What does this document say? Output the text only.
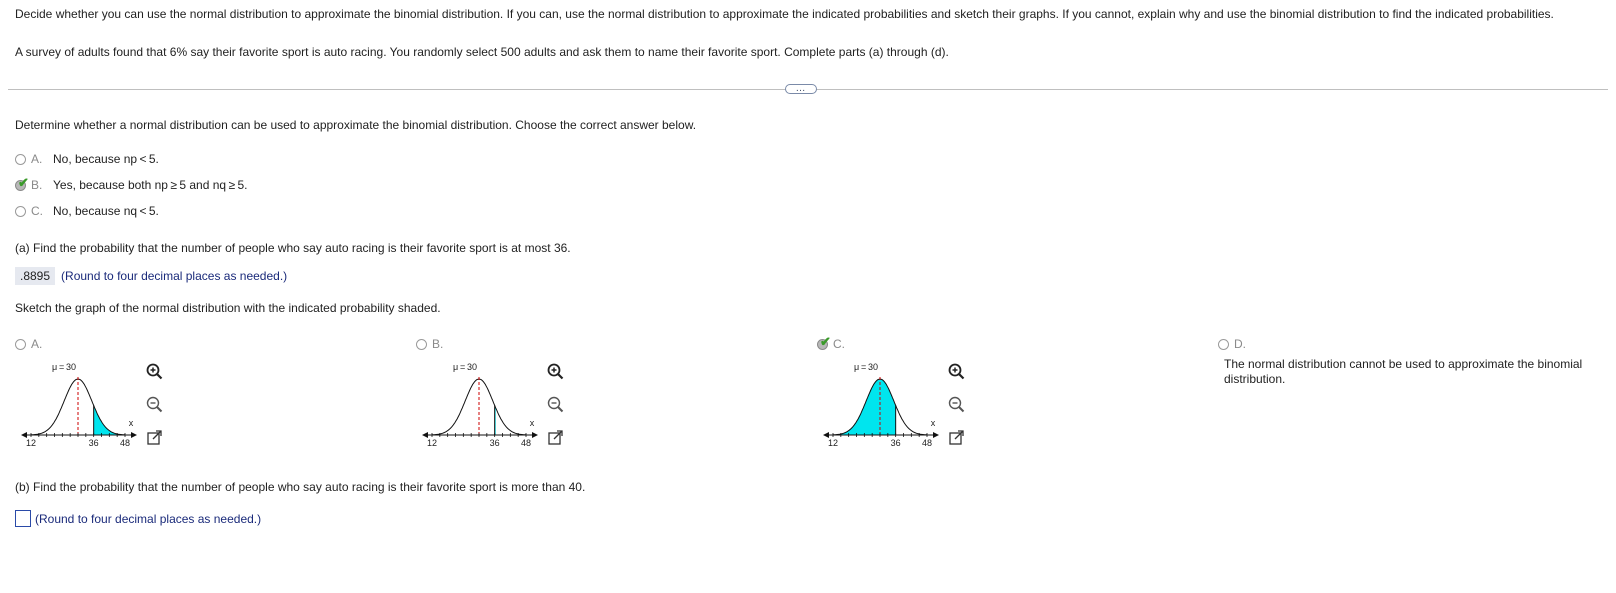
Decide whether you can use the normal distribution to approximate the binomial distribution. If you can, use the normal distribution to approximate the indicated probabilities and sketch their graphs. If you cannot, explain why and use the binomial distribution to find the indicated probabilities.
A survey of adults found that 6% say their favorite sport is auto racing. You randomly select 500 adults and ask them to name their favorite sport. Complete parts (a) through (d).
…
Determine whether a normal distribution can be used to approximate the binomial distribution. Choose the correct answer below.
A. No, because np < 5.
✔ B. Yes, because both np ≥ 5 and nq ≥ 5.
C. No, because nq < 5.
(a) Find the probability that the number of people who say auto racing is their favorite sport is at most 36.
.8895 (Round to four decimal places as needed.)
Sketch the graph of the normal distribution with the indicated probability shaded.
A.
μ = 30
12	36 48
x
B.
μ = 30
12	36 48
x
✔ C.
μ = 30
12	36 48
x
D.
The normal distribution cannot be used to approximate the binomial distribution.
(b) Find the probability that the number of people who say auto racing is their favorite sport is more than 40.
(Round to four decimal places as needed.)
